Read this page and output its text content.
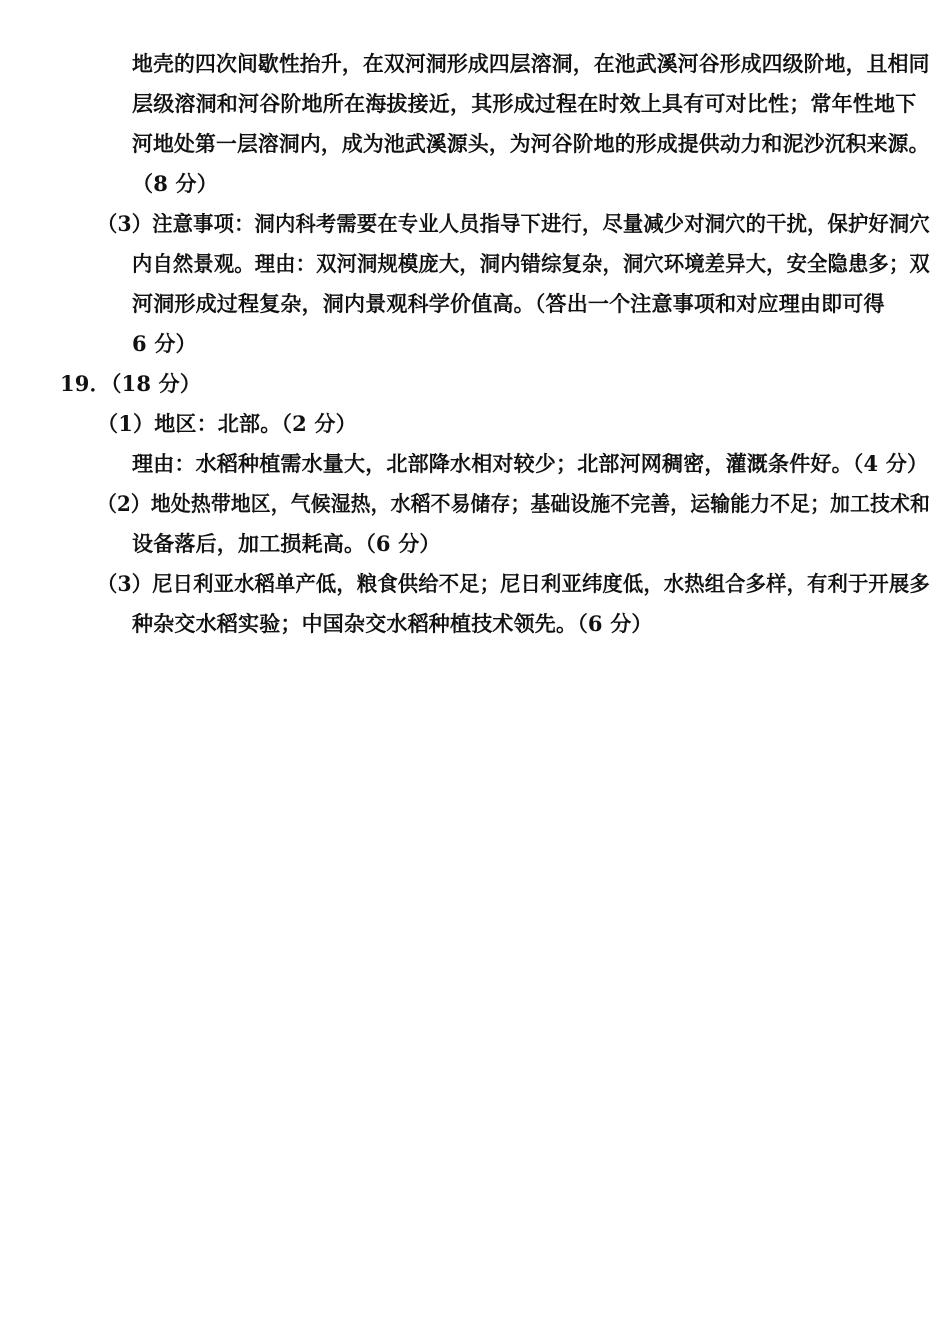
地壳的四次间歇性抬升，在双河洞形成四层溶洞，在池武溪河谷形成四级阶地，且相同
层级溶洞和河谷阶地所在海拔接近，其形成过程在时效上具有可对比性；常年性地下
河地处第一层溶洞内，成为池武溪源头，为河谷阶地的形成提供动力和泥沙沉积来源。
（8 分）
（3）注意事项：洞内科考需要在专业人员指导下进行，尽量减少对洞穴的干扰，保护好洞穴
内自然景观。理由：双河洞规模庞大，洞内错综复杂，洞穴环境差异大，安全隐患多；双
河洞形成过程复杂，洞内景观科学价值高。（答出一个注意事项和对应理由即可得
6 分）
19．（18 分）
（1）地区：北部。（2 分）
理由：水稻种植需水量大，北部降水相对较少；北部河网稠密，灌溉条件好。（4 分）
（2）地处热带地区，气候湿热，水稻不易储存；基础设施不完善，运输能力不足；加工技术和
设备落后，加工损耗高。（6 分）
（3）尼日利亚水稻单产低，粮食供给不足；尼日利亚纬度低，水热组合多样，有利于开展多
种杂交水稻实验；中国杂交水稻种植技术领先。（6 分）
